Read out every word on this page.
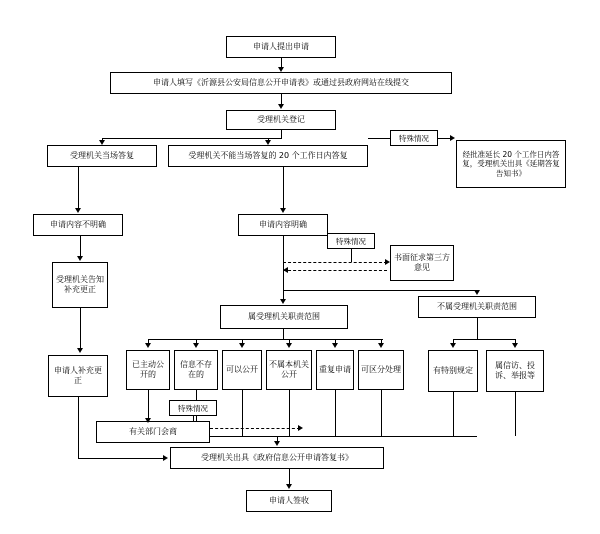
申请人提出申请
申请人填写《沂源县公安局信息公开申请表》或通过县政府网站在线提交
受理机关登记
受理机关当场答复	受理机关不能当场答复的 20 个工作日内答复	经批准延长 20 个工作日内答复，受理机关出具《延期答复告知书》
申请内容不明确	申请内容明确
书面征求第三方意见
受理机关告知补充更正
申请人补充更正
属受理机关职责范围
不属受理机关职责范围
已主动公开的
信息不存在的
可以公开
不属本机关公开
重复申请	可区分处理	有特别规定
属信访、投诉、举报等
有关部门会商
受理机关出具《政府信息公开申请答复书》
申请人签收
特殊情况
特殊情况
特殊情况
